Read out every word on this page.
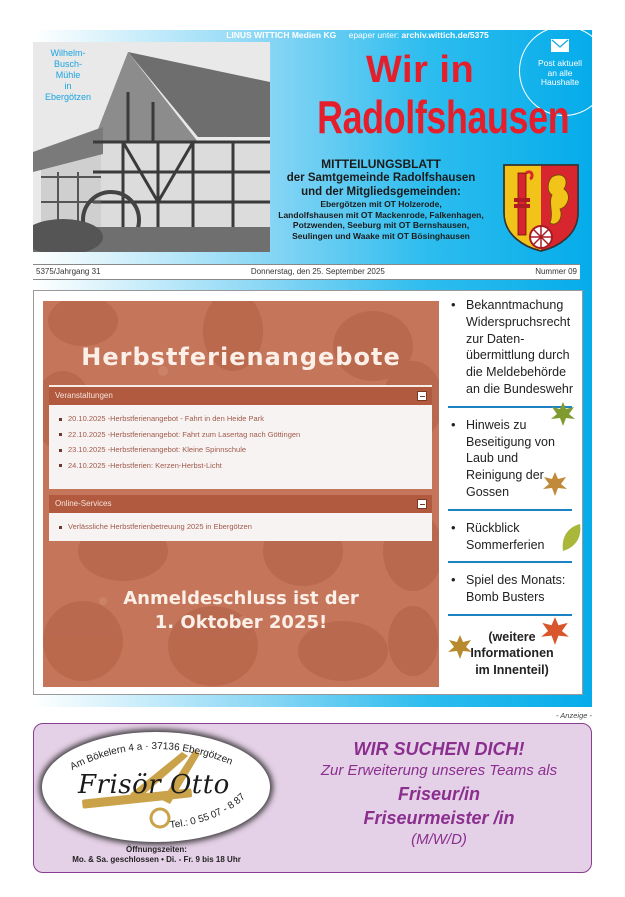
LINUS WITTICH Medien KG epaper unter: archiv.wittich.de/5375
Wilhelm-
Busch-
Mühle
in
Ebergötzen
Post aktuell
an alle
Haushalte
Wir in
Radolfshausen
MITTEILUNGSBLATT
der Samtgemeinde Radolfshausen
und der Mitgliedsgemeinden:
Ebergötzen mit OT Holzerode,
Landolfshausen mit OT Mackenrode, Falkenhagen,
Potzwenden, Seeburg mit OT Bernshausen,
Seulingen und Waake mit OT Bösinghausen
5375/Jahrgang 31	Donnerstag, den 25. September 2025	Nummer 09
Herbstferienangebote
Veranstaltungen
20.10.2025 -Herbstferienangebot - Fahrt in den Heide Park
22.10.2025 -Herbstferienangebot: Fahrt zum Lasertag nach Göttingen
23.10.2025 -Herbstferienangebot: Kleine Spinnschule
24.10.2025 -Herbstferien: Kerzen-Herbst-Licht
Online-Services
Verlässliche Herbstferienbetreuung 2025 in Ebergötzen
Anmeldeschluss ist der
1. Oktober 2025!
• Bekanntmachung Widerspruchsrecht zur Daten-übermittlung durch die Meldebehörde an die Bundeswehr
• Hinweis zu Beseitigung von Laub und Reinigung der Gossen
• Rückblick Sommerferien
• Spiel des Monats: Bomb Busters
(weitere
Informationen
im Innenteil)
- Anzeige -
Am Bökelern 4 a · 37136 Ebergötzen
Tel.: 0 55 07 - 8 87
Frisör Otto
Öffnungszeiten:
Mo. & Sa. geschlossen • Di. - Fr. 9 bis 18 Uhr
WIR SUCHEN DICH!
Zur Erweiterung unseres Teams als
Friseur/in
Friseurmeister /in
(M/W/D)
